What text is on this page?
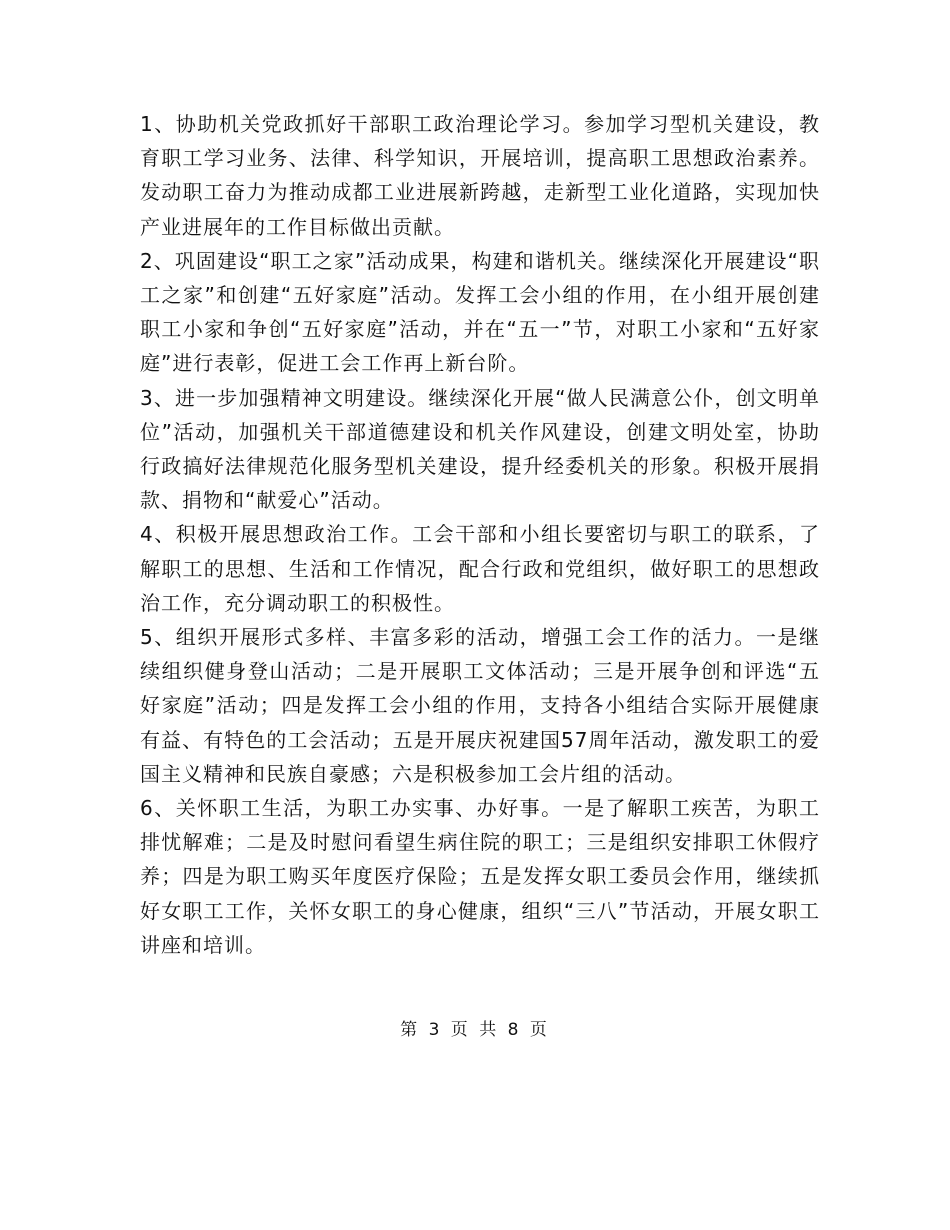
1、协助机关党政抓好干部职工政治理论学习。参加学习型机关建设，教育职工学习业务、法律、科学知识，开展培训，提高职工思想政治素养。发动职工奋力为推动成都工业进展新跨越，走新型工业化道路，实现加快产业进展年的工作目标做出贡献。

2、巩固建设“职工之家”活动成果，构建和谐机关。继续深化开展建设“职工之家”和创建“五好家庭”活动。发挥工会小组的作用，在小组开展创建职工小家和争创“五好家庭”活动，并在“五一”节，对职工小家和“五好家庭”进行表彰，促进工会工作再上新台阶。

3、进一步加强精神文明建设。继续深化开展“做人民满意公仆，创文明单位”活动，加强机关干部道德建设和机关作风建设，创建文明处室，协助行政搞好法律规范化服务型机关建设，提升经委机关的形象。积极开展捐款、捐物和“献爱心”活动。

4、积极开展思想政治工作。工会干部和小组长要密切与职工的联系，了解职工的思想、生活和工作情况，配合行政和党组织，做好职工的思想政治工作，充分调动职工的积极性。

5、组织开展形式多样、丰富多彩的活动，增强工会工作的活力。一是继续组织健身登山活动；二是开展职工文体活动；三是开展争创和评选“五好家庭”活动；四是发挥工会小组的作用，支持各小组结合实际开展健康有益、有特色的工会活动；五是开展庆祝建国57周年活动，激发职工的爱国主义精神和民族自豪感；六是积极参加工会片组的活动。

6、关怀职工生活，为职工办实事、办好事。一是了解职工疾苦，为职工排忧解难；二是及时慰问看望生病住院的职工；三是组织安排职工休假疗养；四是为职工购买年度医疗保险；五是发挥女职工委员会作用，继续抓好女职工工作，关怀女职工的身心健康，组织“三八”节活动，开展女职工讲座和培训。

第 3 页 共 8 页
